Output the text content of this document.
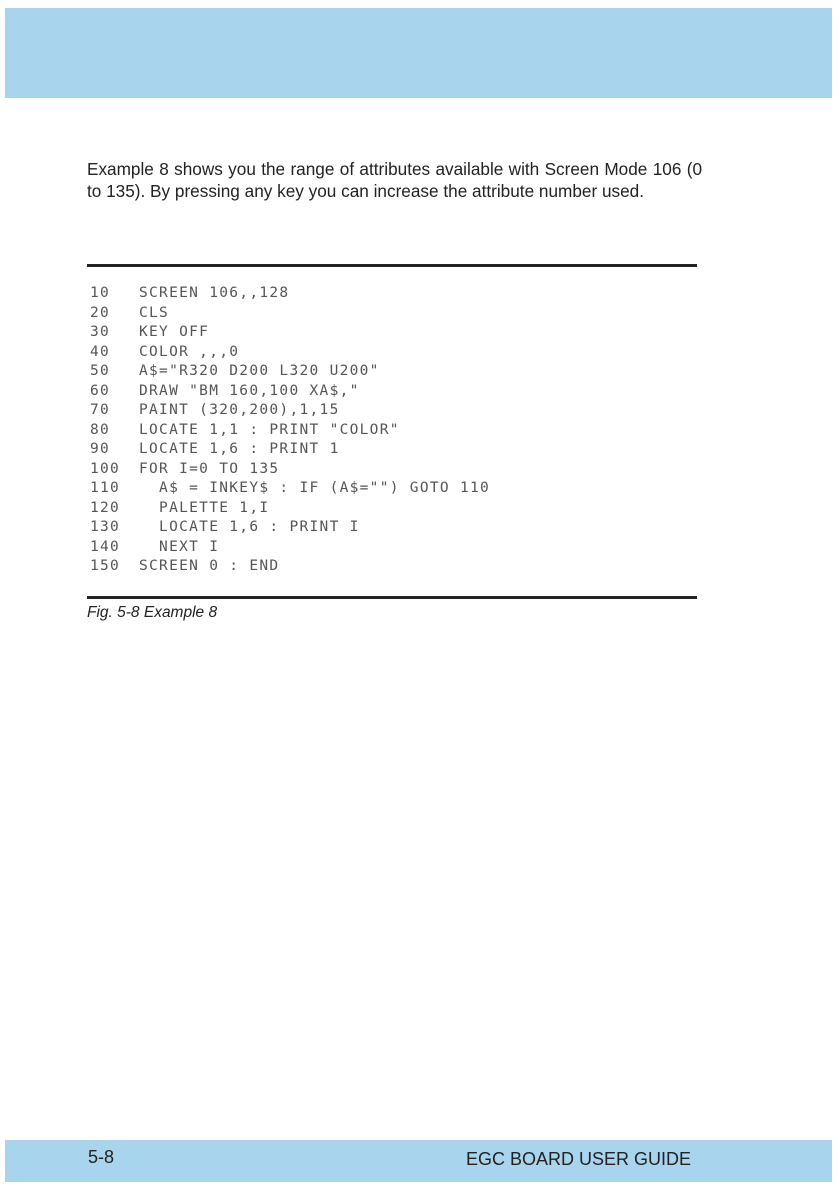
Example 8 shows you the range of attributes available with Screen Mode 106 (0 to 135). By pressing any key you can increase the attribute number used.

10 SCREEN 106,,128
20 CLS
30 KEY OFF
40 COLOR ,,,0
50 A$="R320 D200 L320 U200"
60 DRAW "BM 160,100 XA$,"
70 PAINT (320,200),1,15
80 LOCATE 1,1 : PRINT "COLOR"
90 LOCATE 1,6 : PRINT 1
100 FOR I=0 TO 135
110  A$ = INKEY$ : IF (A$="") GOTO 110
120  PALETTE 1,I
130  LOCATE 1,6 : PRINT I
140  NEXT I
150 SCREEN 0 : END
Fig. 5-8 Example 8
5-8	EGC BOARD USER GUIDE
